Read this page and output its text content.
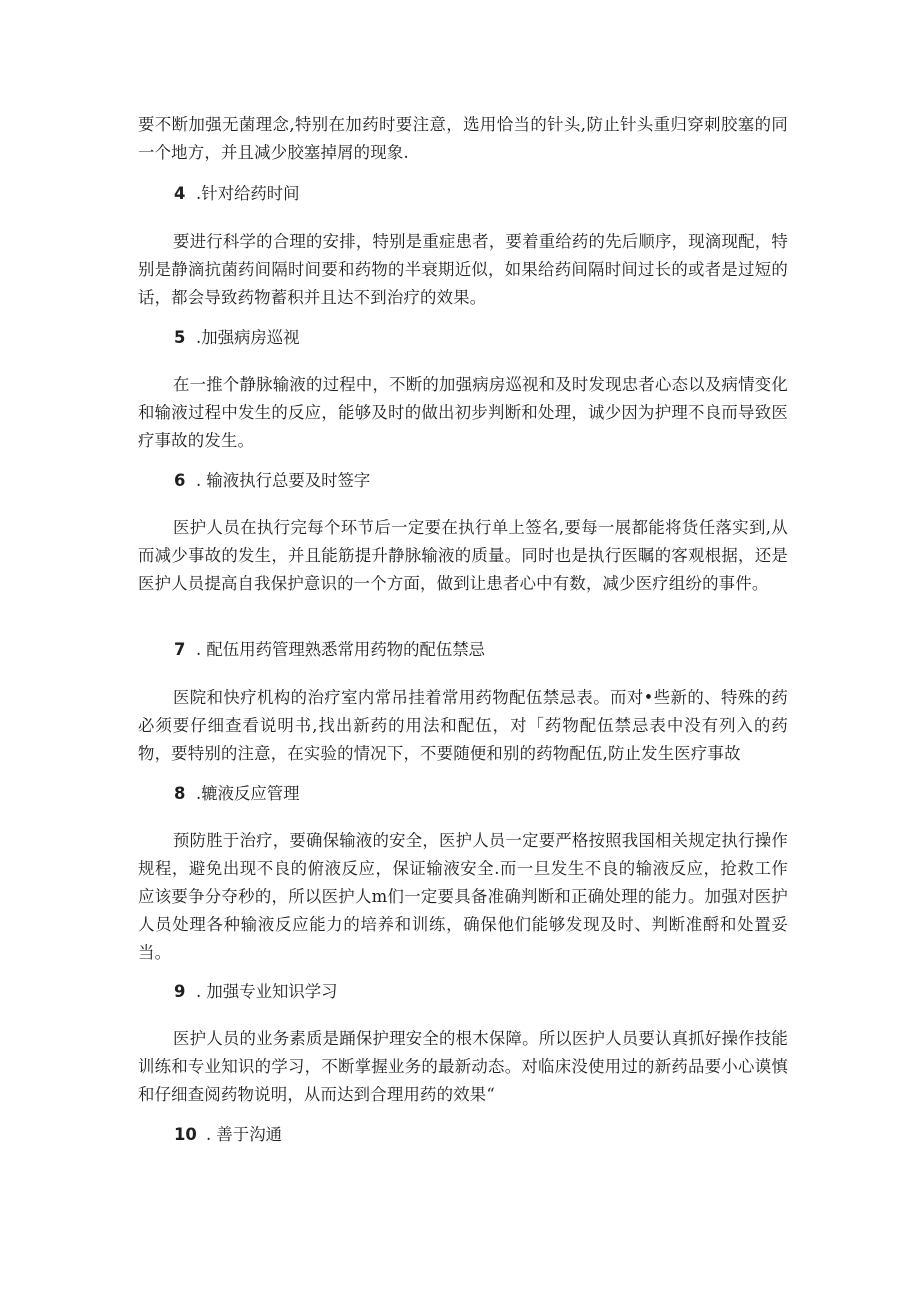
要不断加强无菌理念,特别在加药时要注意，选用恰当的针头,防止针头重归穿刺胶塞的同一个地方，并且减少胶塞掉屑的现象.

4 .针对给药时间

要进行科学的合理的安排，特别是重症患者，要着重给药的先后顺序，现滴现配，特别是静滴抗菌药间隔时间要和药物的半衰期近似，如果给药间隔时间过长的或者是过短的话，都会导致药物蓄积并且达不到治疗的效果。

5 .加强病房巡视

在一推个静脉输液的过程中，不断的加强病房巡视和及时发现忠者心态以及病情变化和输液过程中发生的反应，能够及时的做出初步判断和处理，诚少因为护理不良而导致医疗事故的发生。

6 . 输液执行总要及时签字

医护人员在执行完每个环节后一定要在执行单上签名,要每一展都能将货任落实到,从而减少事故的发生，并且能筋提升静脉输液的质量。同时也是执行医瞩的客观根据，还是医护人员提高自我保护意识的一个方面，做到让患者心中有数，减少医疗组纷的事件。

7 . 配伍用药管理熟悉常用药物的配伍禁忌

医院和快疗机构的治疗室内常吊挂着常用药物配伍禁忌表。而对•些新的、特殊的药必须要仔细查看说明书,找出新药的用法和配伍，对「药物配伍禁忌表中没有列入的药物，要特别的注意，在实验的情况下，不要随便和别的药物配伍,防止发生医疗事故

8 .辘液反应管理

预防胜于治疗，要确保输液的安全，医护人员一定要严格按照我国相关规定执行操作规程，避免出现不良的俯液反应，保证输液安全.而一旦发生不良的输液反应，抢救工作应该要争分夺秒的，所以医护人m们一定要具备准确判断和正确处理的能力。加强对医护人员处理各种输液反应能力的培养和训练，确保他们能够发现及时、判断准酹和处置妥当。

9 . 加强专业知识学习

医护人员的业务素质是踊保护理安全的根木保障。所以医护人员要认真抓好操作技能训练和专业知识的学习，不断掌握业务的最新动态。对临床没使用过的新药品要小心谟慎和仔细查阅药物说明，从而达到合理用药的效果“

10 . 善于沟通
